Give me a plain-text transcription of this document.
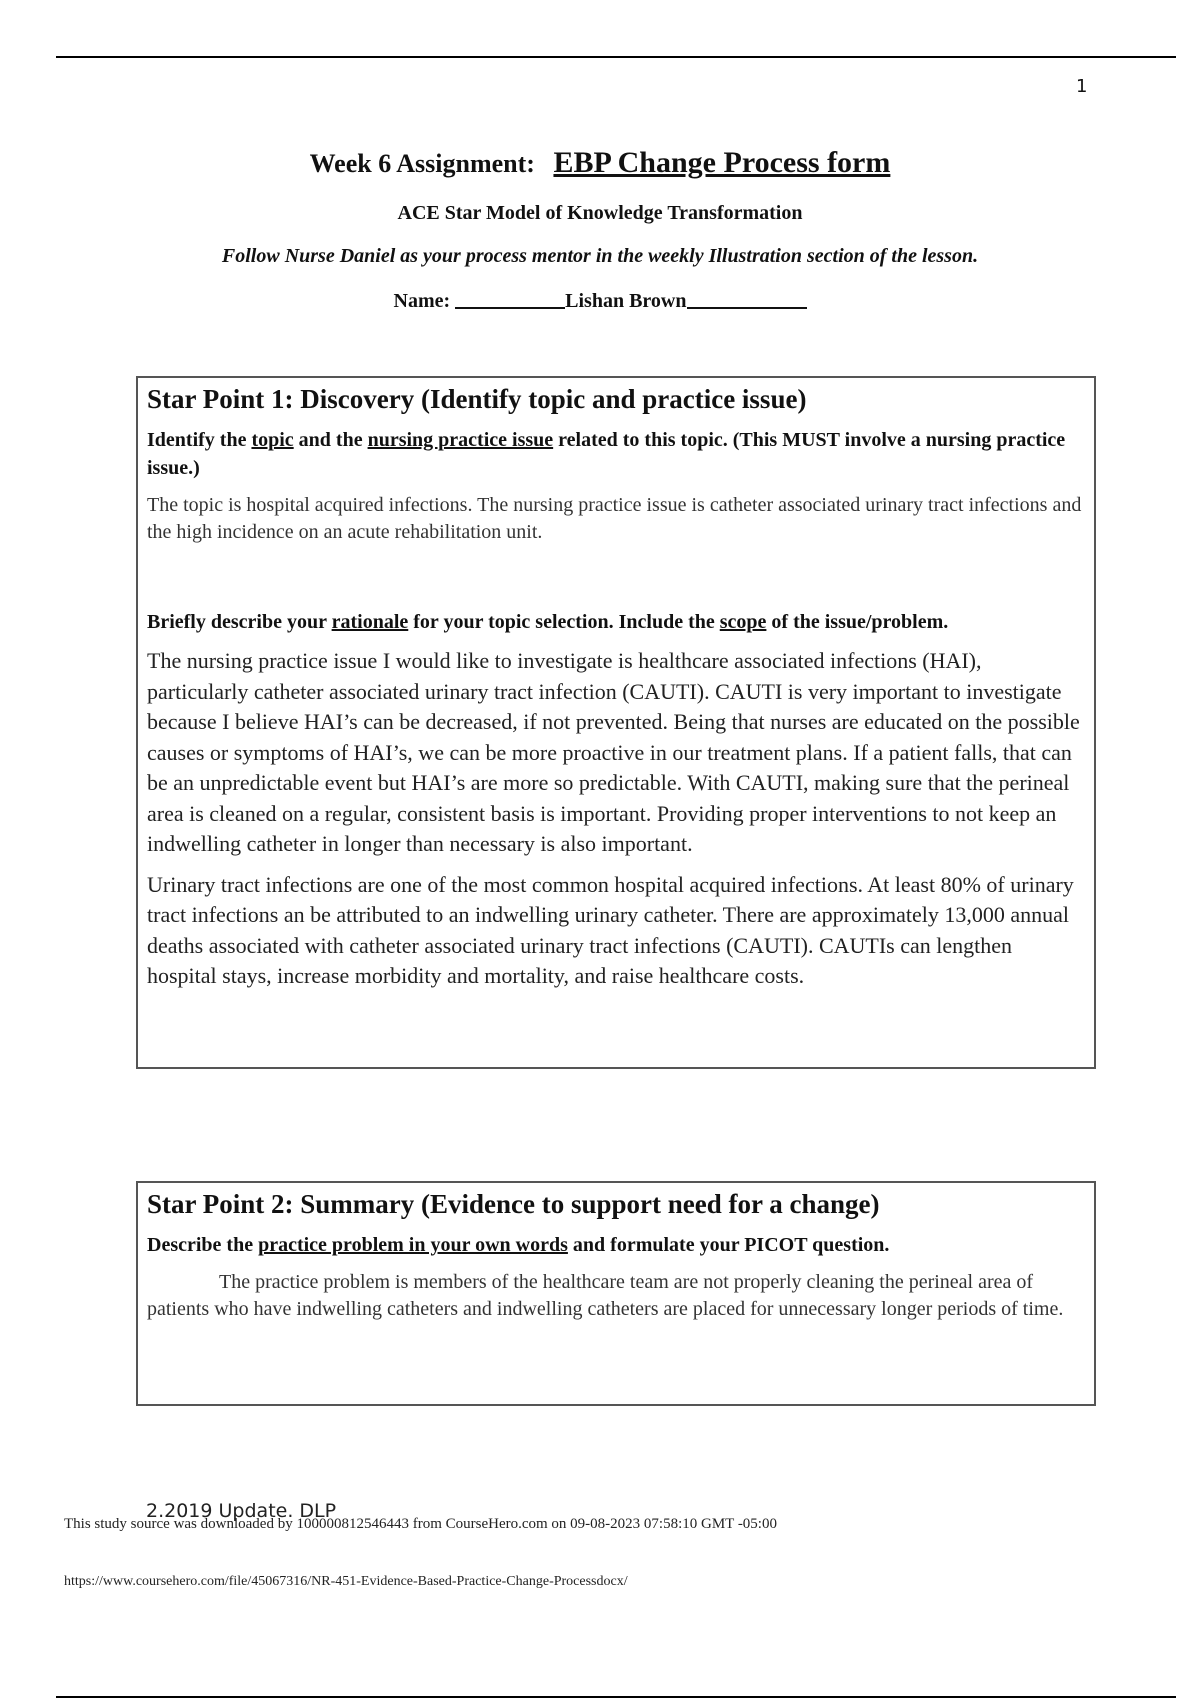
1
Week 6 Assignment: EBP Change Process form
ACE Star Model of Knowledge Transformation
Follow Nurse Daniel as your process mentor in the weekly Illustration section of the lesson.
Name:	Lishan Brown
Star Point 1: Discovery (Identify topic and practice issue)

Identify the topic and the nursing practice issue related to this topic. (This MUST involve a nursing practice issue.)

The topic is hospital acquired infections. The nursing practice issue is catheter associated urinary tract infections and the high incidence on an acute rehabilitation unit.

Briefly describe your rationale for your topic selection. Include the scope of the issue/problem.

The nursing practice issue I would like to investigate is healthcare associated infections (HAI), particularly catheter associated urinary tract infection (CAUTI). CAUTI is very important to investigate because I believe HAI’s can be decreased, if not prevented. Being that nurses are educated on the possible causes or symptoms of HAI’s, we can be more proactive in our treatment plans. If a patient falls, that can be an unpredictable event but HAI’s are more so predictable. With CAUTI, making sure that the perineal area is cleaned on a regular, consistent basis is important. Providing proper interventions to not keep an indwelling catheter in longer than necessary is also important.

Urinary tract infections are one of the most common hospital acquired infections. At least 80% of urinary tract infections an be attributed to an indwelling urinary catheter. There are approximately 13,000 annual deaths associated with catheter associated urinary tract infections (CAUTI). CAUTIs can lengthen hospital stays, increase morbidity and mortality, and raise healthcare costs.

Star Point 2: Summary (Evidence to support need for a change)

Describe the practice problem in your own words and formulate your PICOT question.

The practice problem is members of the healthcare team are not properly cleaning the perineal area of patients who have indwelling catheters and indwelling catheters are placed for unnecessary longer periods of time.

2.2019 Update. DLP
This study source was downloaded by 100000812546443 from CourseHero.com on 09-08-2023 07:58:10 GMT -05:00
https://www.coursehero.com/file/45067316/NR-451-Evidence-Based-Practice-Change-Processdocx/
